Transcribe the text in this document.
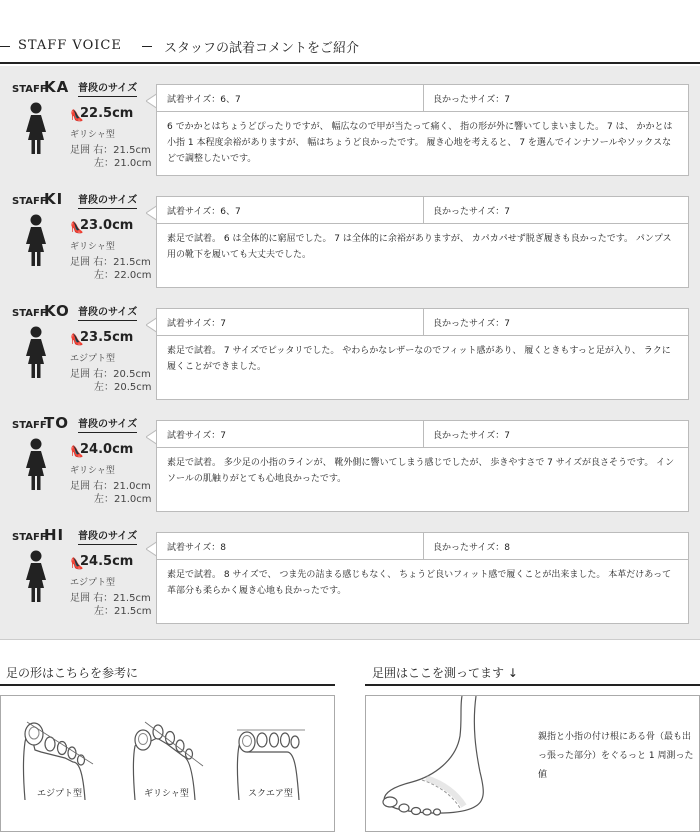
STAFF VOICE	スタッフの試着コメントをご紹介
STAFF
KA 普段のサイズ
👠
22.5cm
ギリシャ型
足囲 右：21.5cm
左：21.0cm
試着サイズ：6、7	良かったサイズ：7

6 でかかとはちょうどぴったりですが、 幅広なので甲が当たって痛く、 指の形が外に響いてしまいました。 7 は、 かかとは小指 1 本程度余裕がありますが、 幅はちょうど良かったです。 履き心地を考えると、 7 を選んでインナソールやソックスなどで調整したいです。

STAFF
KI 普段のサイズ
👠
23.0cm
ギリシャ型
足囲 右：21.5cm
左：22.0cm
試着サイズ：6、7	良かったサイズ：7

素足で試着。 6 は全体的に窮屈でした。 7 は全体的に余裕がありますが、 カパカパせず脱ぎ履きも良かったです。 パンプス用の靴下を履いても大丈夫でした。

STAFF
KO 普段のサイズ
👠
23.5cm
エジプト型
足囲 右：20.5cm
左：20.5cm
試着サイズ：7	良かったサイズ：7

素足で試着。 7 サイズでピッタリでした。 やわらかなレザーなのでフィット感があり、 履くときもすっと足が入り、 ラクに履くことができました。

STAFF
TO 普段のサイズ
👠
24.0cm
ギリシャ型
足囲 右：21.0cm
左：21.0cm
試着サイズ：7	良かったサイズ：7

素足で試着。 多少足の小指のラインが、 靴外側に響いてしまう感じでしたが、 歩きやすさで 7 サイズが良さそうです。 インソールの肌触りがとても心地良かったです。

STAFF
HI 普段のサイズ
👠
24.5cm
エジプト型
足囲 右：21.5cm
左：21.5cm
試着サイズ：8	良かったサイズ：8

素足で試着。 8 サイズで、 つま先の詰まる感じもなく、 ちょうど良いフィット感で履くことが出来ました。 本革だけあって革部分も柔らかく履き心地も良かったです。

足の形はこちらを参考に
エジプト型	ギリシャ型	スクエア型
足囲はここを測ってます ↓

親指と小指の付け根にある骨（最も出っ張った部分）をぐるっと 1 周測った値
